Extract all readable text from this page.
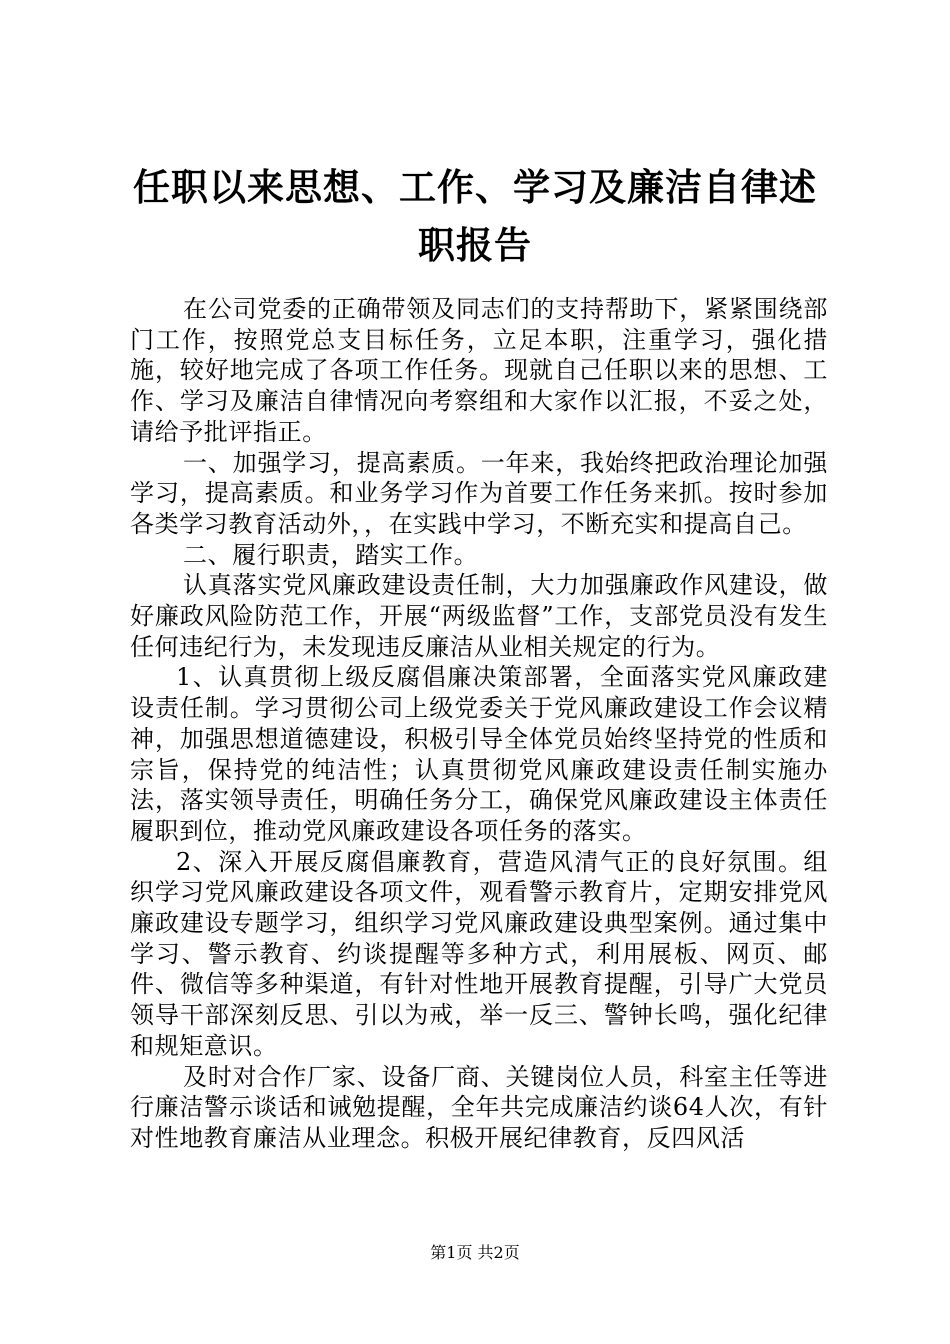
任职以来思想、工作、学习及廉洁自律述职报告

在公司党委的正确带领及同志们的支持帮助下，紧紧围绕部门工作，按照党总支目标任务，立足本职，注重学习，强化措施，较好地完成了各项工作任务。现就自己任职以来的思想、工作、学习及廉洁自律情况向考察组和大家作以汇报，不妥之处，请给予批评指正。

一、加强学习，提高素质。一年来，我始终把政治理论加强学习，提高素质。和业务学习作为首要工作任务来抓。按时参加各类学习教育活动外，，在实践中学习，不断充实和提高自己。

二、履行职责，踏实工作。

认真落实党风廉政建设责任制，大力加强廉政作风建设，做好廉政风险防范工作，开展“两级监督”工作，支部党员没有发生任何违纪行为，未发现违反廉洁从业相关规定的行为。

1、认真贯彻上级反腐倡廉决策部署，全面落实党风廉政建设责任制。学习贯彻公司上级党委关于党风廉政建设工作会议精神，加强思想道德建设，积极引导全体党员始终坚持党的性质和宗旨，保持党的纯洁性；认真贯彻党风廉政建设责任制实施办法，落实领导责任，明确任务分工，确保党风廉政建设主体责任履职到位，推动党风廉政建设各项任务的落实。

2、深入开展反腐倡廉教育，营造风清气正的良好氛围。组织学习党风廉政建设各项文件，观看警示教育片，定期安排党风廉政建设专题学习，组织学习党风廉政建设典型案例。通过集中学习、警示教育、约谈提醒等多种方式，利用展板、网页、邮件、微信等多种渠道，有针对性地开展教育提醒，引导广大党员领导干部深刻反思、引以为戒，举一反三、警钟长鸣，强化纪律和规矩意识。

及时对合作厂家、设备厂商、关键岗位人员，科室主任等进行廉洁警示谈话和诫勉提醒，全年共完成廉洁约谈64人次，有针对性地教育廉洁从业理念。积极开展纪律教育，反四风活

第1页 共2页
